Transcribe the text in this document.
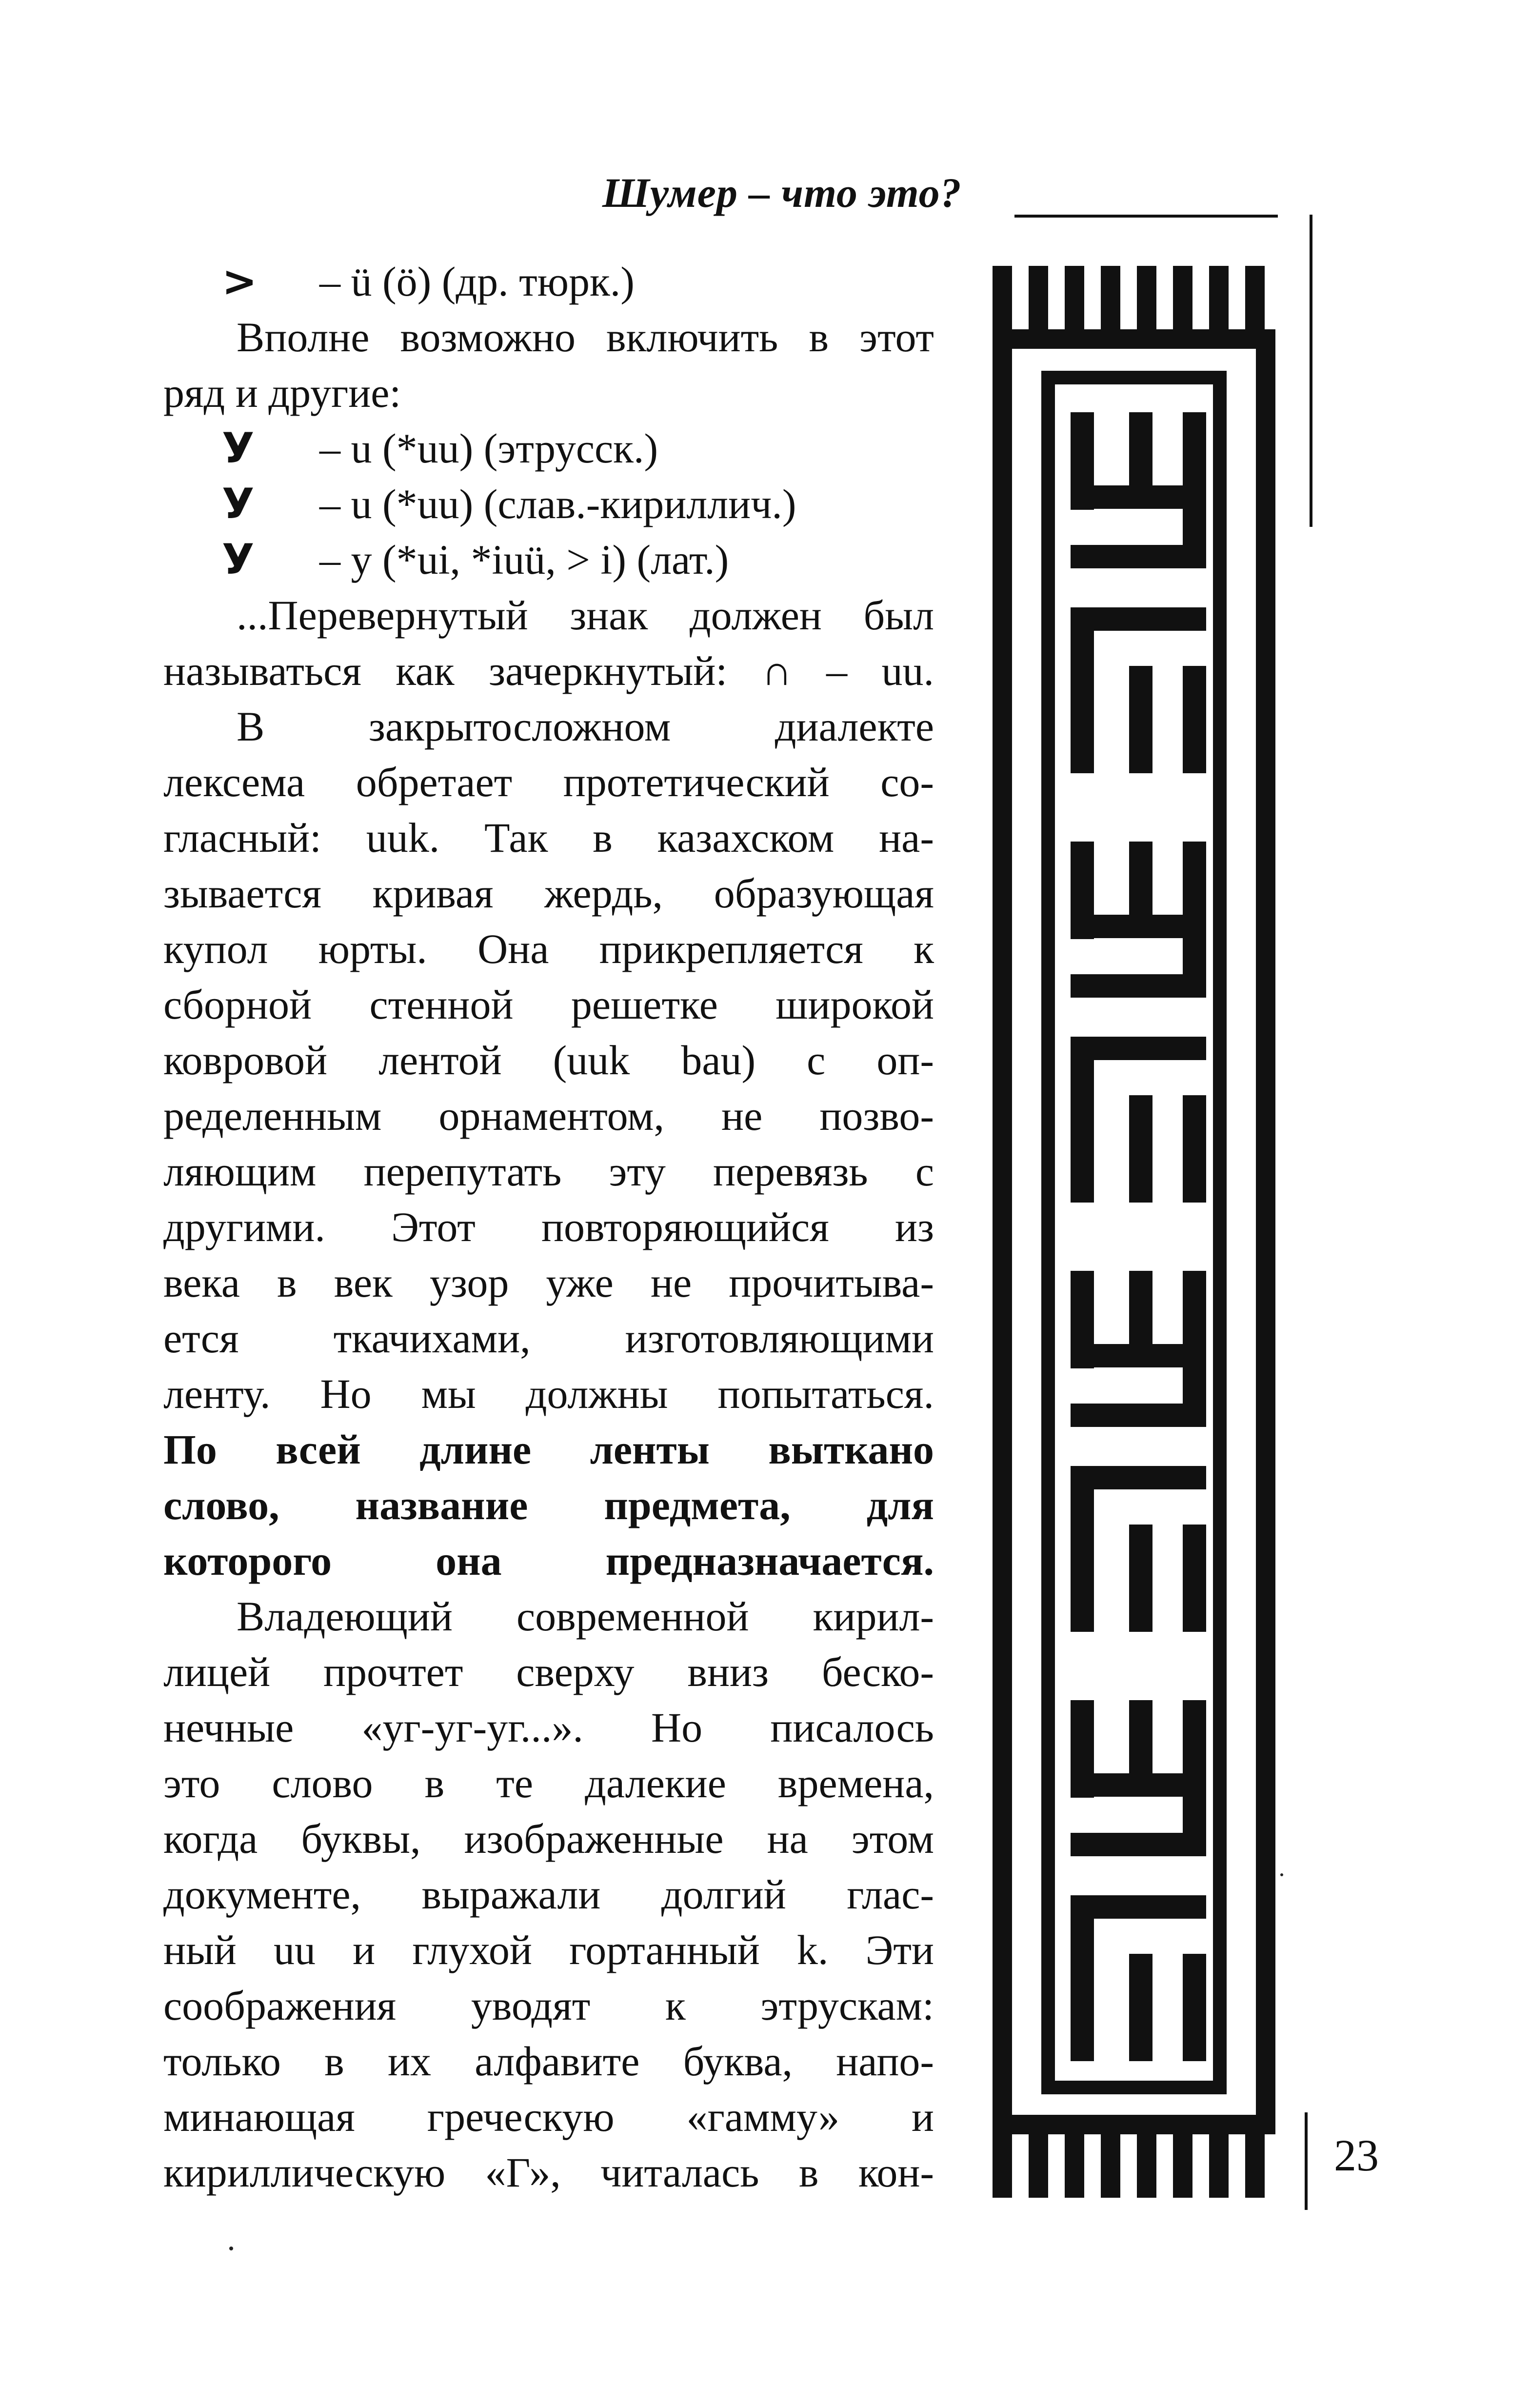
Шумер – что это?
> – ü (ö) (др. тюрк.)
Вполне возможно включить в этот
ряд и другие:
У – u (*uu) (этрусск.)
У – u (*uu) (слав.-кириллич.)
У – y (*ui, *iuü, > i) (лат.)
...Перевернутый знак должен был
называться как зачеркнутый: ∩ – uu.
В закрытосложном диалекте
лексема обретает протетический со-
гласный: uuk. Так в казахском на-
зывается кривая жердь, образующая
купол юрты. Она прикрепляется к
сборной стенной решетке широкой
ковровой лентой (uuk bau) с оп-
ределенным орнаментом, не позво-
ляющим перепутать эту перевязь с
другими. Этот повторяющийся из
века в век узор уже не прочитыва-
ется ткачихами, изготовляющими
ленту. Но мы должны попытаться.
По всей длине ленты выткано
слово, название предмета, для
которого она предназначается.
Владеющий современной кирил-
лицей прочтет сверху вниз беско-
нечные «уг-уг-уг...». Но писалось
это слово в те далекие времена,
когда буквы, изображенные на этом
документе, выражали долгий глас-
ный uu и глухой гортанный k. Эти
соображения уводят к этрускам:
только в их алфавите буква, напо-
минающая греческую «гамму» и
кириллическую «Г», читалась в кон-	23
